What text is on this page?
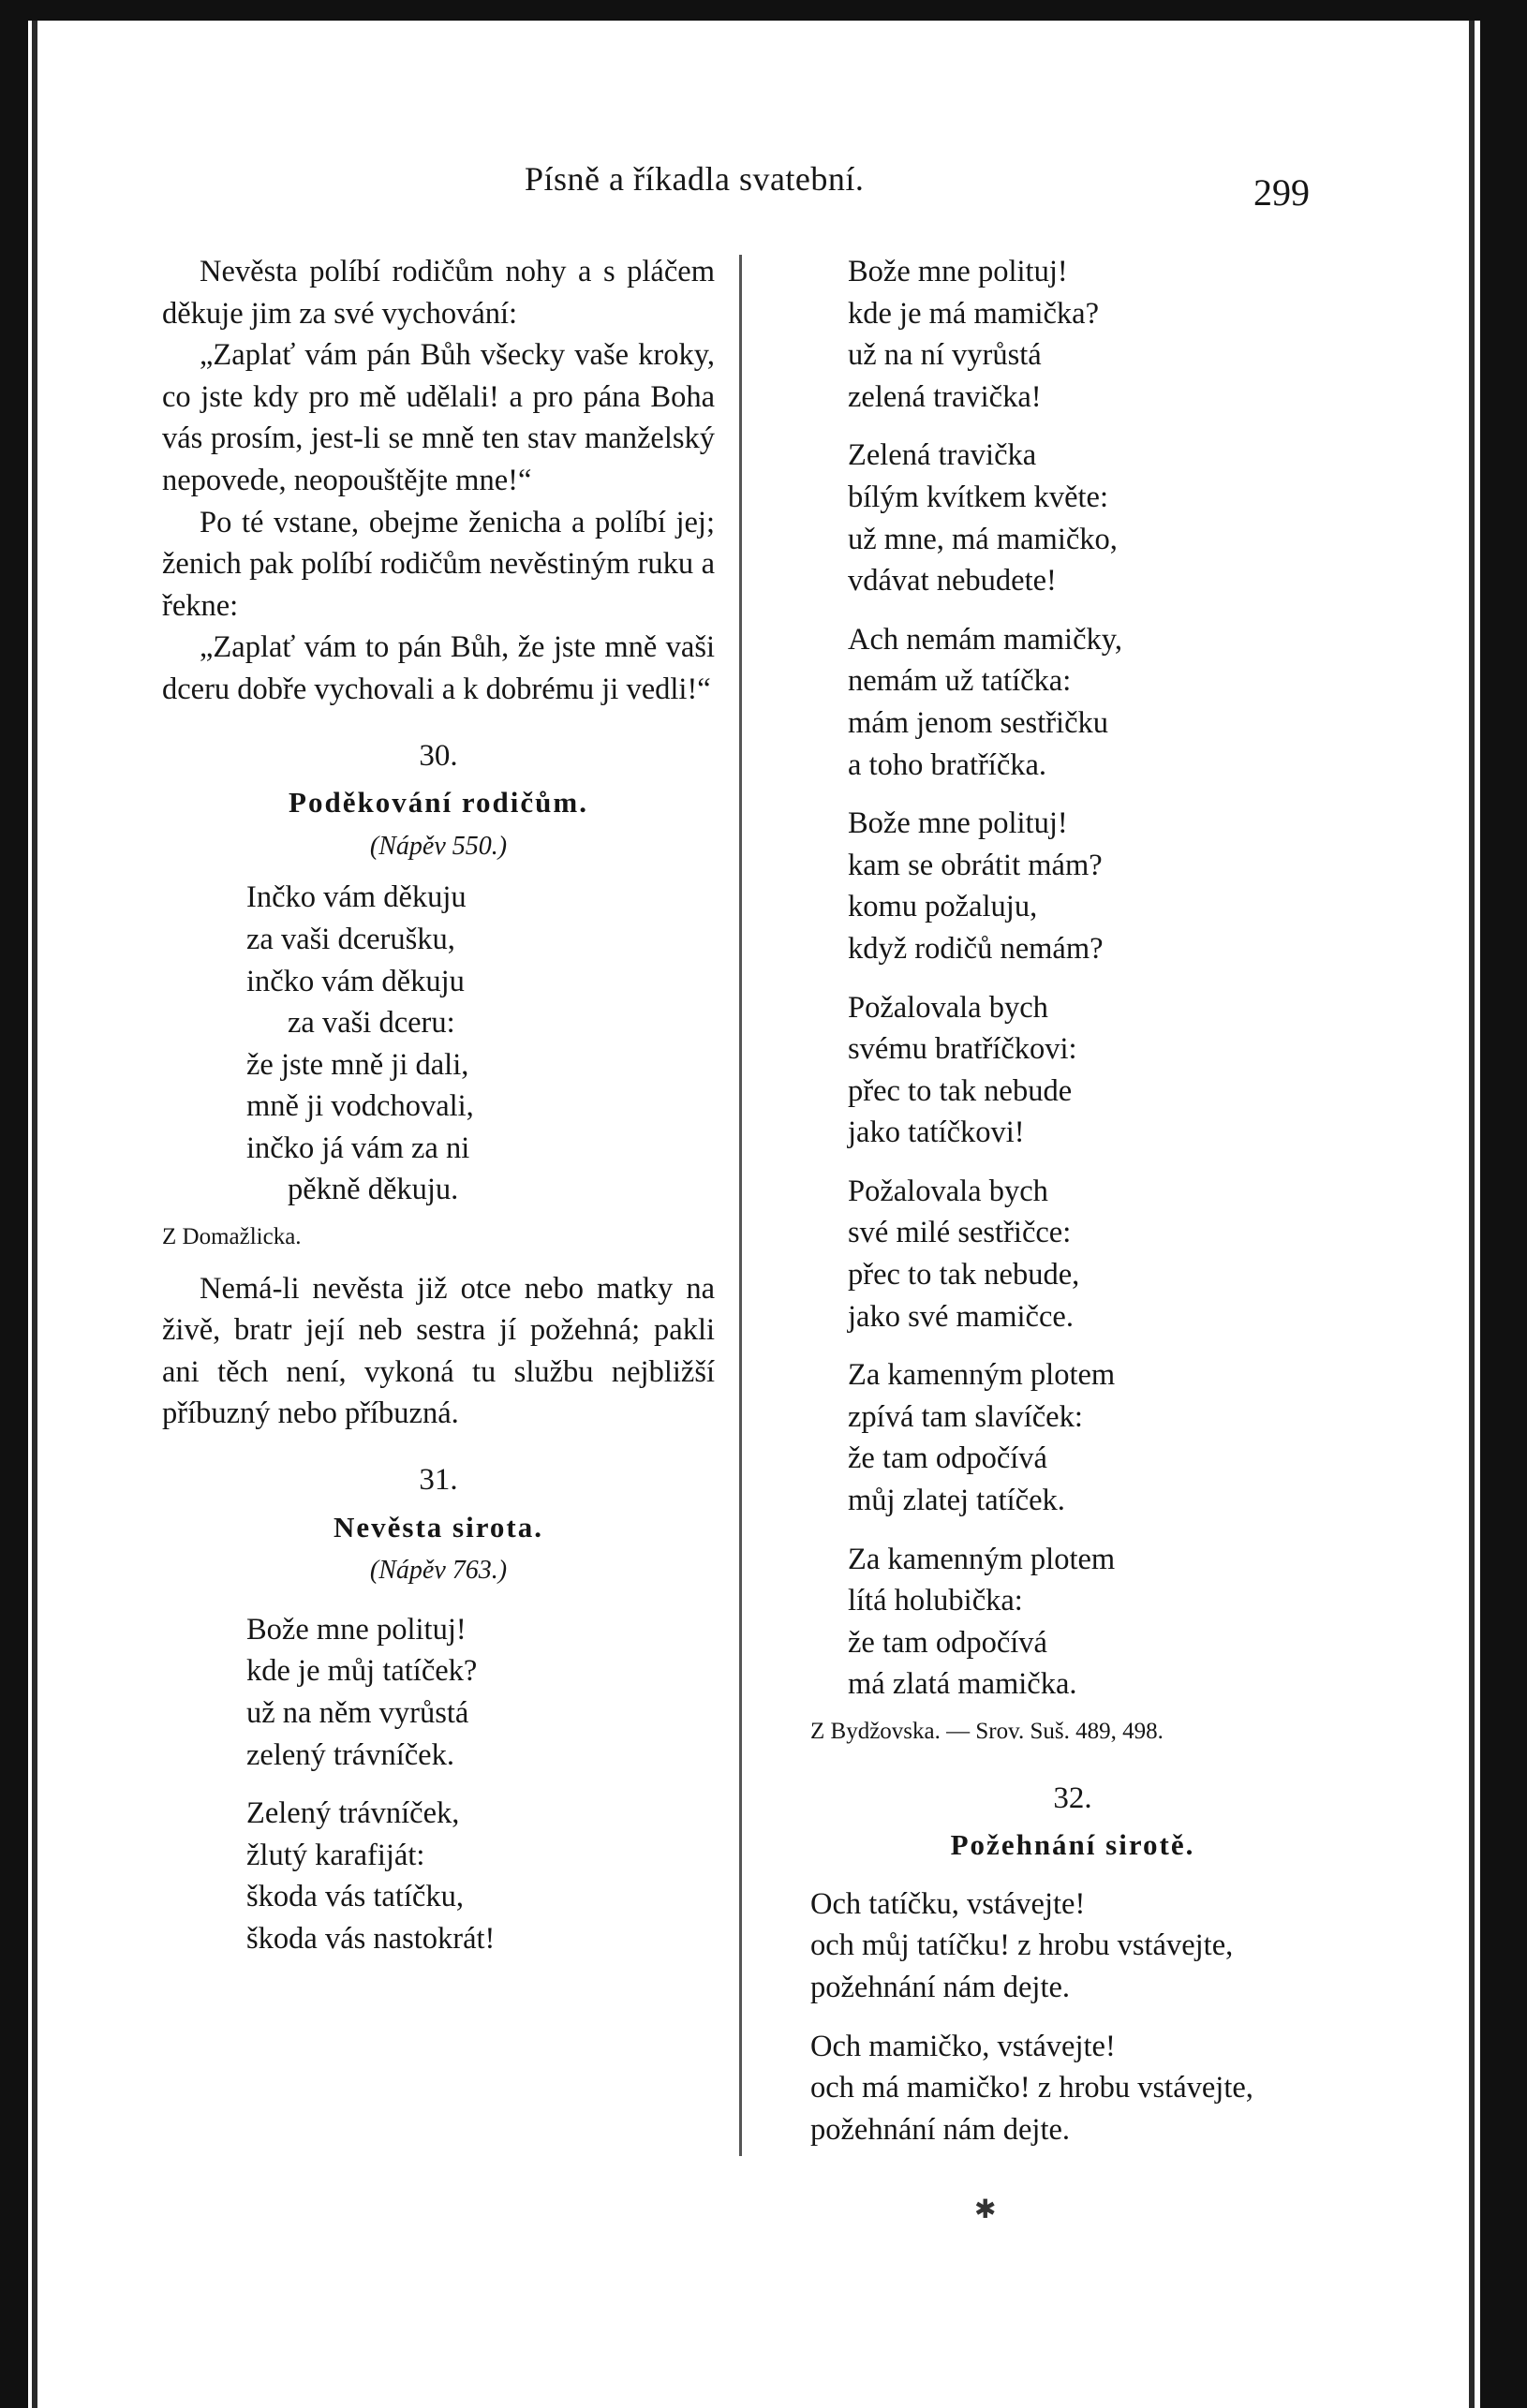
Písně a říkadla svatební.	299

Nevěsta políbí rodičům nohy a s pláčem děkuje jim za své vychování:

„Zaplať vám pán Bůh všecky vaše kroky, co jste kdy pro mě udělali! a pro pána Boha vás prosím, jest-li se mně ten stav manželský nepovede, neopouštějte mne!“

Po té vstane, obejme ženicha a políbí jej; ženich pak políbí rodičům nevěstiným ruku a řekne:

„Zaplať vám to pán Bůh, že jste mně vaši dceru dobře vychovali a k dobrému ji vedli!“

30.

Poděkování rodičům.

(Nápěv 550.)

Inčko vám děkuju
za vaši dcerušku,
inčko vám děkuju
za vaši dceru:
že jste mně ji dali,
mně ji vodchovali,
inčko já vám za ni
pěkně děkuju.

Z Domažlicka.

Nemá-li nevěsta již otce nebo matky na živě, bratr její neb sestra jí požehná; pakli ani těch není, vykoná tu službu nejbližší příbuzný nebo příbuzná.

31.

Nevěsta sirota.

(Nápěv 763.)

Bože mne polituj!
kde je můj tatíček?
už na něm vyrůstá
zelený trávníček.
Zelený trávníček,
žlutý karafiját:
škoda vás tatíčku,
škoda vás nastokrát!
Bože mne polituj!
kde je má mamička?
už na ní vyrůstá
zelená travička!
Zelená travička
bílým kvítkem květe:
už mne, má mamičko,
vdávat nebudete!
Ach nemám mamičky,
nemám už tatíčka:
mám jenom sestřičku
a toho bratříčka.
Bože mne polituj!
kam se obrátit mám?
komu požaluju,
když rodičů nemám?
Požalovala bych
svému bratříčkovi:
přec to tak nebude
jako tatíčkovi!
Požalovala bych
své milé sestřičce:
přec to tak nebude,
jako své mamičce.
Za kamenným plotem
zpívá tam slavíček:
že tam odpočívá
můj zlatej tatíček.
Za kamenným plotem
lítá holubička:
že tam odpočívá
má zlatá mamička.

Z Bydžovska. — Srov. Suš. 489, 498.

32.

Požehnání sirotě.

Och tatíčku, vstávejte!
och můj tatíčku! z hrobu vstávejte,
požehnání nám dejte.
Och mamičko, vstávejte!
och má mamičko! z hrobu vstávejte,
požehnání nám dejte.
✱
